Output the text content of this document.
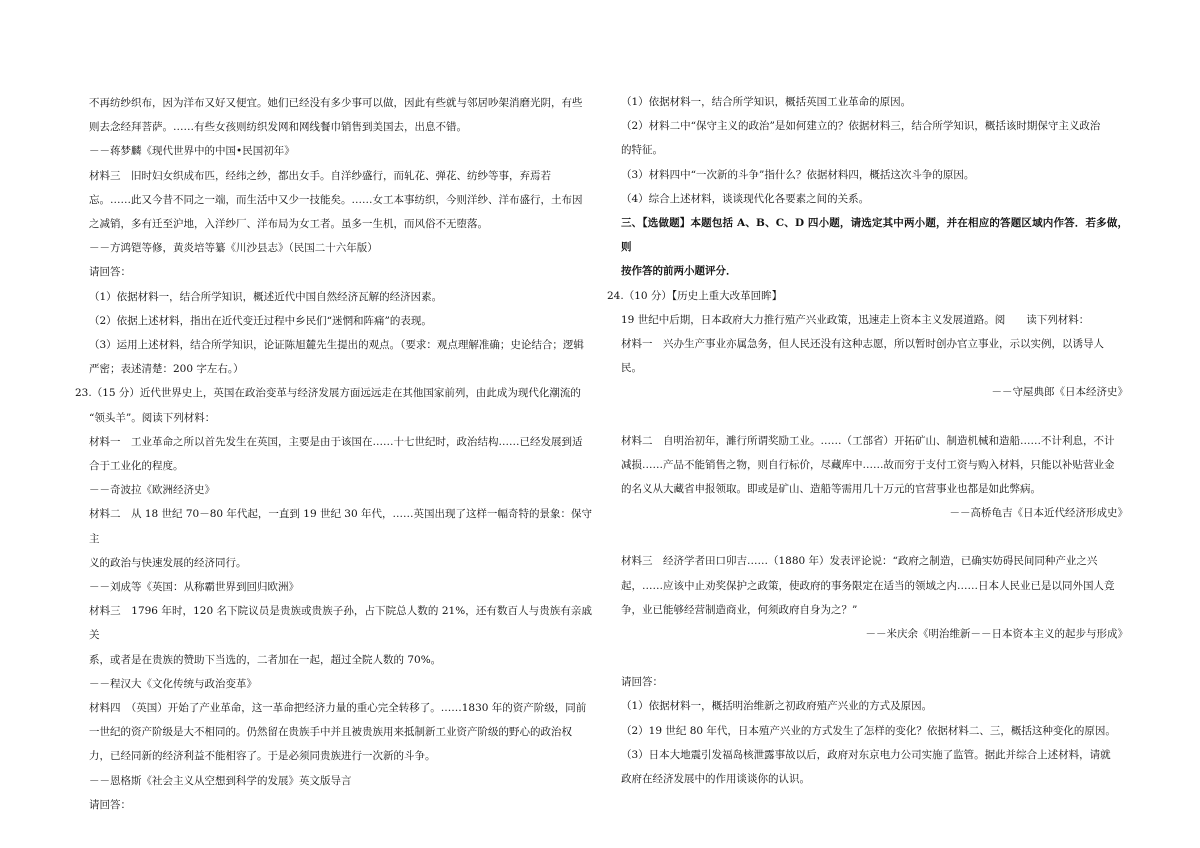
不再纺纱织布，因为洋布又好又便宜。她们已经没有多少事可以做，因此有些就与邻居吵架消磨光阴，有些

则去念经拜菩萨。……有些女孩则纺织发网和网线餐巾销售到美国去，出息不错。

－－蒋梦麟《现代世界中的中国•民国初年》

材料三　旧时妇女织成布匹，经纬之纱，都出女手。自洋纱盛行，而轧花、弹花、纺纱等事，弃焉若

忘。……此又今昔不同之一端，而生活中又少一技能矣。……女工本事纺织，今则洋纱、洋布盛行，土布因

之减销，多有迁至沪地，入洋纱厂、洋布局为女工者。虽多一生机，而风俗不无堕落。

－－方鸿铠等修，黄炎培等纂《川沙县志》（民国二十六年版）

请回答：

（1）依据材料一，结合所学知识，概述近代中国自然经济瓦解的经济因素。

（2）依据上述材料，指出在近代变迁过程中乡民们“迷惘和阵痛”的表现。

（3）运用上述材料，结合所学知识，论证陈旭麓先生提出的观点。（要求：观点理解准确；史论结合；逻辑

严密；表述清楚：200 字左右。）

23.（15 分）近代世界史上，英国在政治变革与经济发展方面远远走在其他国家前列，由此成为现代化潮流的

“领头羊”。阅读下列材料：

材料一　工业革命之所以首先发生在英国，主要是由于该国在……十七世纪时，政治结构……已经发展到适

合于工业化的程度。

－－奇波拉《欧洲经济史》

材料二　从 18 世纪 70－80 年代起，一直到 19 世纪 30 年代，……英国出现了这样一幅奇特的景象：保守主

义的政治与快速发展的经济同行。

－－刘成等《英国：从称霸世界到回归欧洲》

材料三　1796 年时，120 名下院议员是贵族或贵族子孙，占下院总人数的 21%，还有数百人与贵族有亲戚关

系，或者是在贵族的赞助下当选的，二者加在一起，超过全院人数的 70%。

－－程汉大《文化传统与政治变革》

材料四　（英国）开始了产业革命，这一革命把经济力量的重心完全转移了。……1830 年的资产阶级，同前

一世纪的资产阶级是大不相同的。仍然留在贵族手中并且被贵族用来抵制新工业资产阶级的野心的政治权

力，已经同新的经济利益不能相容了。于是必须同贵族进行一次新的斗争。

－－恩格斯《社会主义从空想到科学的发展》英文版导言

请回答：

（1）依据材料一，结合所学知识，概括英国工业革命的原因。

（2）材料二中“保守主义的政治”是如何建立的？依据材料三，结合所学知识，概括该时期保守主义政治

的特征。

（3）材料四中“一次新的斗争”指什么？依据材料四，概括这次斗争的原因。

（4）综合上述材料，谈谈现代化各要素之间的关系。

三、【选做题】本题包括 A、B、C、D 四小题，请选定其中两小题，并在相应的答题区域内作答．若多做，则

按作答的前两小题评分．

24.（10 分）【历史上重大改革回眸】

19 世纪中后期，日本政府大力推行殖产兴业政策，迅速走上资本主义发展道路。阅　　读下列材料：

材料一　兴办生产事业亦属急务，但人民还没有这种志愿，所以暂时创办官立事业，示以实例，以诱导人

民。

－－守屋典郎《日本经济史》

材料二　自明治初年，濉行所谓奖励工业。……（工部省）开拓矿山、制造机械和造船……不计利息，不计

减损……产品不能销售之物，则自行标价，尽藏库中……故而穷于支付工资与购入材料，只能以补贴营业金

的名义从大藏省申报领取。即或是矿山、造船等需用几十万元的官营事业也都是如此弊病。

－－高桥龟吉《日本近代经济形成史》

材料三　经济学者田口卯吉……（1880 年）发表评论说：“政府之制造，已确实妨碍民间同种产业之兴

起，……应该中止劝奖保护之政策，使政府的事务限定在适当的领域之内……日本人民业已是以同外国人竞

争，业已能够经营制造商业，何须政府自身为之？”

－－米庆余《明治维新－－日本资本主义的起步与形成》

请回答：

（1）依据材料一，概括明治维新之初政府殖产兴业的方式及原因。

（2）19 世纪 80 年代，日本殖产兴业的方式发生了怎样的变化？依据材料二、三，概括这种变化的原因。

（3）日本大地震引发福岛核泄露事故以后，政府对东京电力公司实施了监管。据此并综合上述材料，请就

政府在经济发展中的作用谈谈你的认识。
